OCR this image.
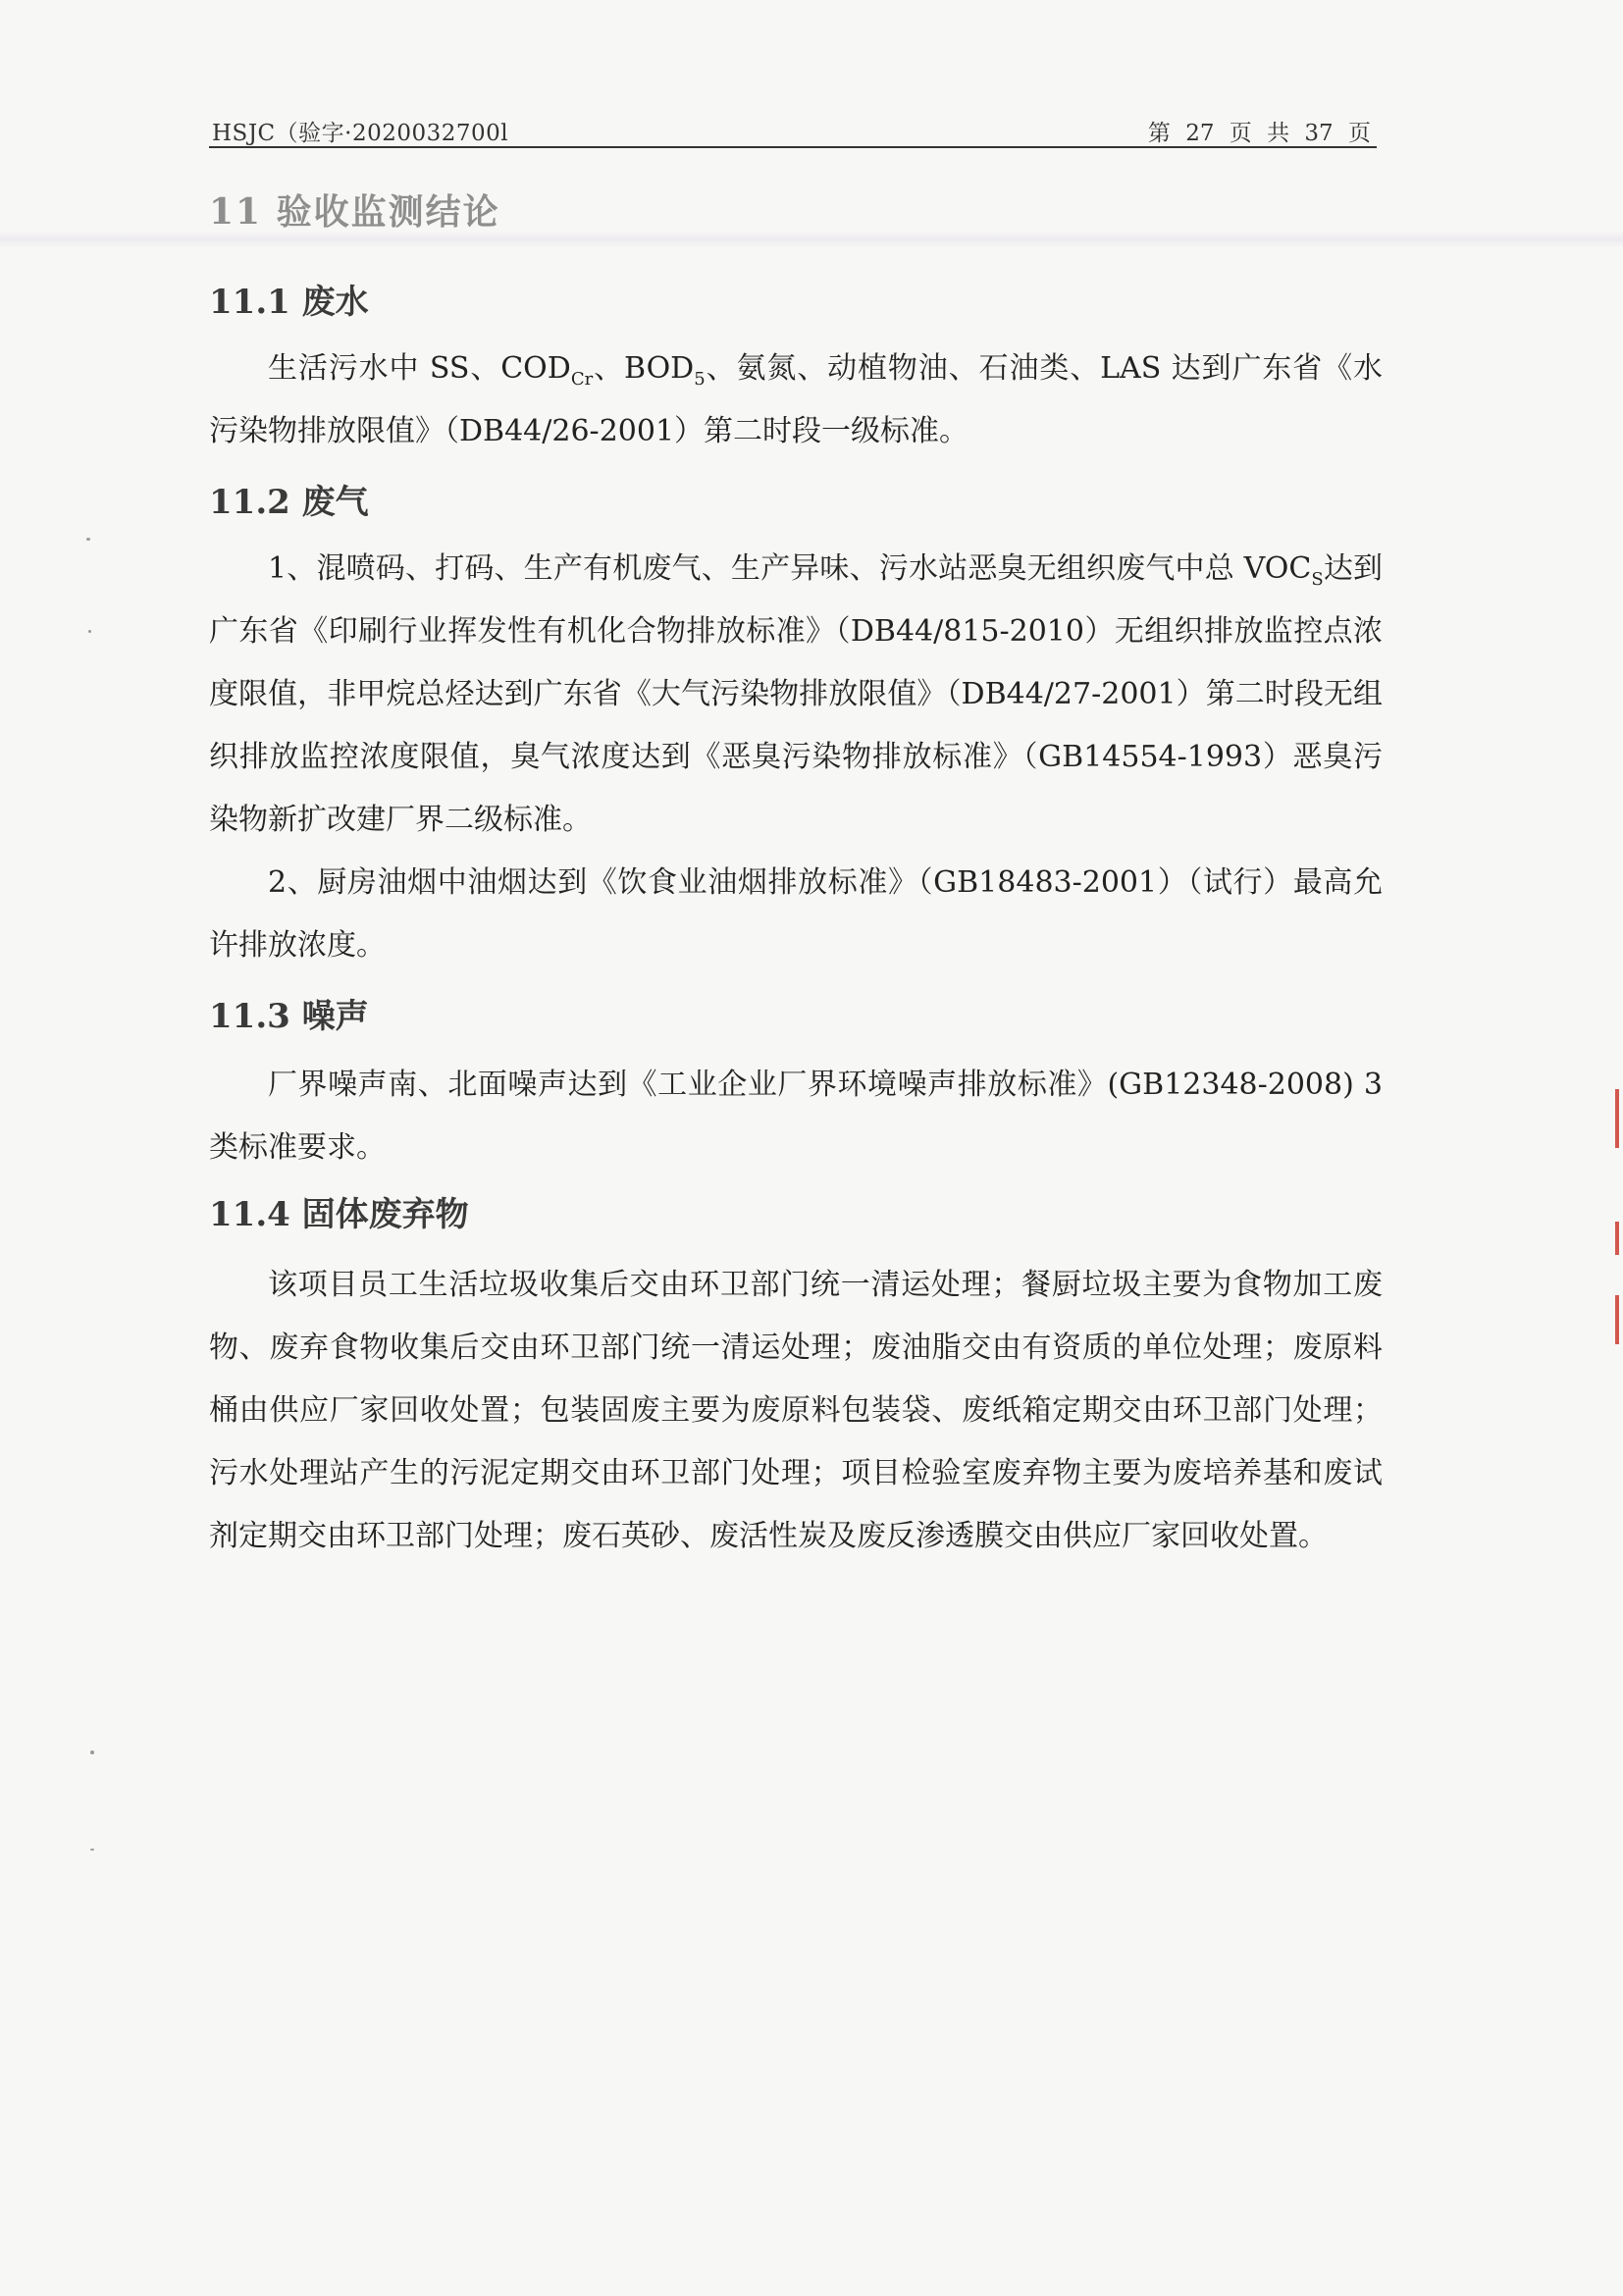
HSJC（验字·2020032700l	第 27 页 共 37 页
11 验收监测结论
11.1 废水

生活污水中 SS、$COD_{Cr}$、$BOD_5$、氨氮、动植物油、石油类、LAS 达到广东省《水污染物排放限值》（DB44/26-2001）第二时段一级标准。

11.2 废气

1、混喷码、打码、生产有机废气、生产异味、污水站恶臭无组织废气中总 $VOC_S$达到广东省《印刷行业挥发性有机化合物排放标准》（DB44/815-2010）无组织排放监控点浓度限值，非甲烷总烃达到广东省《大气污染物排放限值》（DB44/27-2001）第二时段无组织排放监控浓度限值，臭气浓度达到《恶臭污染物排放标准》（GB14554-1993）恶臭污染物新扩改建厂界二级标准。

2、厨房油烟中油烟达到《饮食业油烟排放标准》（GB18483-2001）（试行）最高允许排放浓度。

11.3 噪声

厂界噪声南、北面噪声达到《工业企业厂界环境噪声排放标准》(GB12348-2008) 3 类标准要求。

11.4 固体废弃物

该项目员工生活垃圾收集后交由环卫部门统一清运处理；餐厨垃圾主要为食物加工废物、废弃食物收集后交由环卫部门统一清运处理；废油脂交由有资质的单位处理；废原料桶由供应厂家回收处置；包装固废主要为废原料包装袋、废纸箱定期交由环卫部门处理；污水处理站产生的污泥定期交由环卫部门处理；项目检验室废弃物主要为废培养基和废试剂定期交由环卫部门处理；废石英砂、废活性炭及废反渗透膜交由供应厂家回收处置。
